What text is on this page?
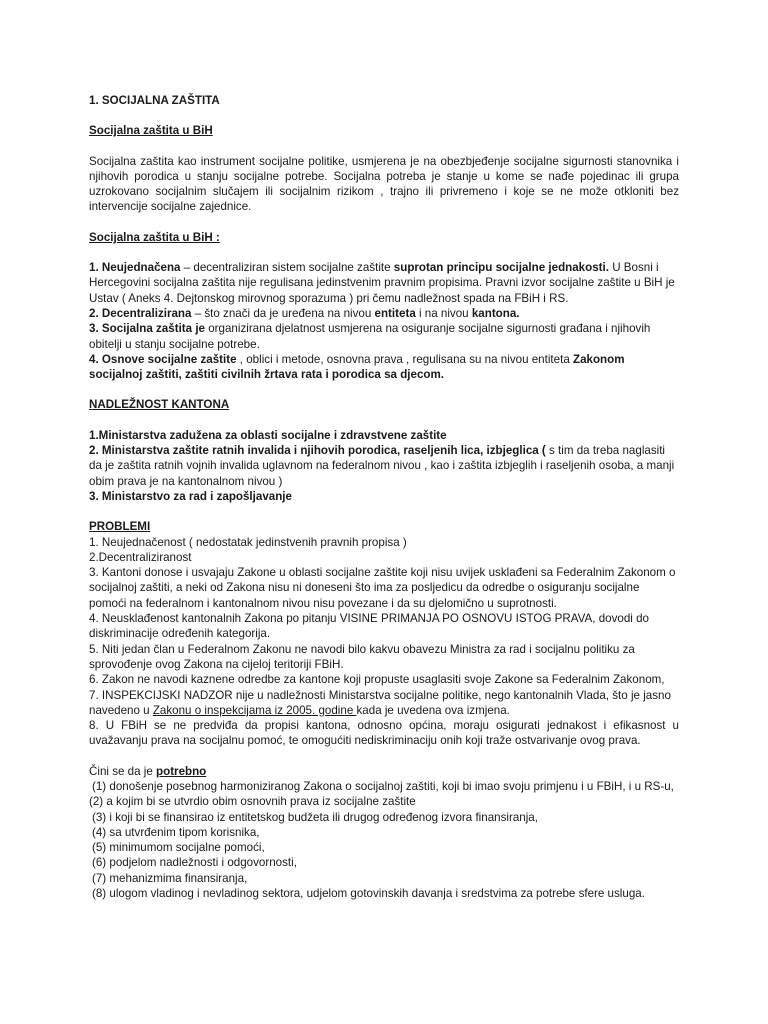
1. SOCIJALNA ZAŠTITA

Socijalna zaštita u BiH

Socijalna zaštita kao instrument socijalne politike, usmjerena je na obezbjeđenje socijalne sigurnosti stanovnika i njihovih porodica u stanju socijalne potrebe. Socijalna potreba je stanje u kome se nađe pojedinac ili grupa uzrokovano socijalnim slučajem ili socijalnim rizikom , trajno ili privremeno i koje se ne može otkloniti bez intervencije socijalne zajednice.

Socijalna zaštita u BiH :

1. Neujednačena – decentraliziran sistem socijalne zaštite suprotan principu socijalne jednakosti. U Bosni i Hercegovini socijalna zaštita nije regulisana jedinstvenim pravnim propisima. Pravni izvor socijalne zaštite u BiH je Ustav ( Aneks 4. Dejtonskog mirovnog sporazuma ) pri čemu nadležnost spada na FBiH i RS.

2. Decentralizirana – što znači da je uređena na nivou entiteta i na nivou kantona.

3. Socijalna zaštita je organizirana djelatnost usmjerena na osiguranje socijalne sigurnosti građana i njihovih obitelji u stanju socijalne potrebe.

4. Osnove socijalne zaštite , oblici i metode, osnovna prava , regulisana su na nivou entiteta Zakonom socijalnoj zaštiti, zaštiti civilnih žrtava rata i porodica sa djecom.

NADLEŽNOST KANTONA

1.Ministarstva zadužena za oblasti socijalne i zdravstvene zaštite

2. Ministarstva zaštite ratnih invalida i njihovih porodica, raseljenih lica, izbjeglica ( s tim da treba naglasiti da je zaštita ratnih vojnih invalida uglavnom na federalnom nivou , kao i zaštita izbjeglih i raseljenih osoba, a manji obim prava je na kantonalnom nivou )

3. Ministarstvo za rad i zapošljavanje

PROBLEMI

1. Neujednačenost ( nedostatak jedinstvenih pravnih propisa )

2.Decentraliziranost

3. Kantoni donose i usvajaju Zakone u oblasti socijalne zaštite koji nisu uvijek usklađeni sa Federalnim Zakonom o socijalnoj zaštiti, a neki od Zakona nisu ni doneseni što ima za posljedicu da odredbe o osiguranju socijalne pomoći na federalnom i kantonalnom nivou nisu povezane i da su djelomično u suprotnosti.

4. Neusklađenost kantonalnih Zakona po pitanju VISINE PRIMANJA PO OSNOVU ISTOG PRAVA, dovodi do diskriminacije određenih kategorija.

5. Niti jedan član u Federalnom Zakonu ne navodi bilo kakvu obavezu Ministra za rad i socijalnu politiku za sprovođenje ovog Zakona na cijeloj teritoriji FBiH.

6. Zakon ne navodi kaznene odredbe za kantone koji propuste usaglasiti svoje Zakone sa Federalnim Zakonom,

7. INSPEKCIJSKI NADZOR nije u nadležnosti Ministarstva socijalne politike, nego kantonalnih Vlada, što je jasno navedeno u Zakonu o inspekcijama iz 2005. godine kada je uvedena ova izmjena.

8. U FBiH se ne predviđa da propisi kantona, odnosno općina, moraju osigurati jednakost i efikasnost u uvažavanju prava na socijalnu pomoć, te omogućiti nediskriminaciju onih koji traže ostvarivanje ovog prava.

Čini se da je potrebno

(1) donošenje posebnog harmoniziranog Zakona o socijalnoj zaštiti, koji bi imao svoju primjenu i u FBiH, i u RS-u,

(2) a kojim bi se utvrdio obim osnovnih prava iz socijalne zaštite

(3) i koji bi se finansirao iz entitetskog budžeta ili drugog određenog izvora finansiranja,

(4) sa utvrđenim tipom korisnika,

(5) minimumom socijalne pomoći,

(6) podjelom nadležnosti i odgovornosti,

(7) mehanizmima finansiranja,

(8) ulogom vladinog i nevladinog sektora, udjelom gotovinskih davanja i sredstvima za potrebe sfere usluga.
